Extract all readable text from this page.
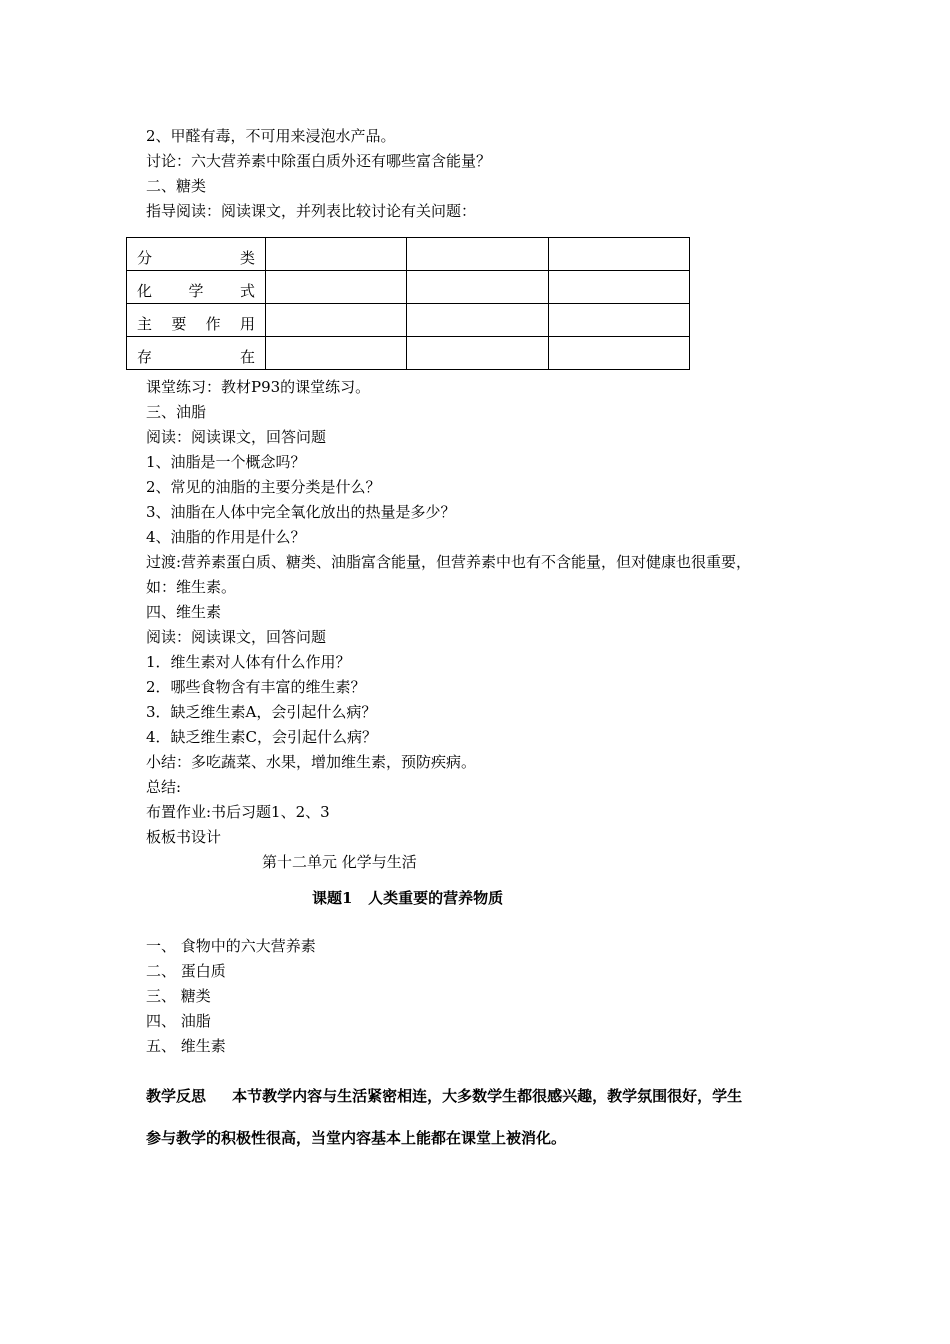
2、甲醛有毒，不可用来浸泡水产品。
讨论：六大营养素中除蛋白质外还有哪些富含能量？
二、糖类
指导阅读：阅读课文，并列表比较讨论有关问题：
分 类			

化 学 式			

主 要 作 用			

存 在			

课堂练习：教材P93的课堂练习。
三、油脂
阅读：阅读课文，回答问题
1、油脂是一个概念吗？
2、常见的油脂的主要分类是什么？
3、油脂在人体中完全氧化放出的热量是多少？
4、油脂的作用是什么？
过渡:营养素蛋白质、糖类、油脂富含能量，但营养素中也有不含能量，但对健康也很重要，
如：维生素。
四、维生素
阅读：阅读课文，回答问题
1．维生素对人体有什么作用？
2．哪些食物含有丰富的维生素？
3．缺乏维生素A，会引起什么病？
4．缺乏维生素C，会引起什么病？
小结：多吃蔬菜、水果，增加维生素，预防疾病。
总结:
布置作业:书后习题1、2、3
板板书设计
第十二单元 化学与生活
课题1   人类重要的营养物质
一、 食物中的六大营养素
二、 蛋白质
三、 糖类
四、 油脂
五、 维生素
教学反思     本节教学内容与生活紧密相连，大多数学生都很感兴趣，教学氛围很好，学生
参与教学的积极性很高，当堂内容基本上能都在课堂上被消化。
